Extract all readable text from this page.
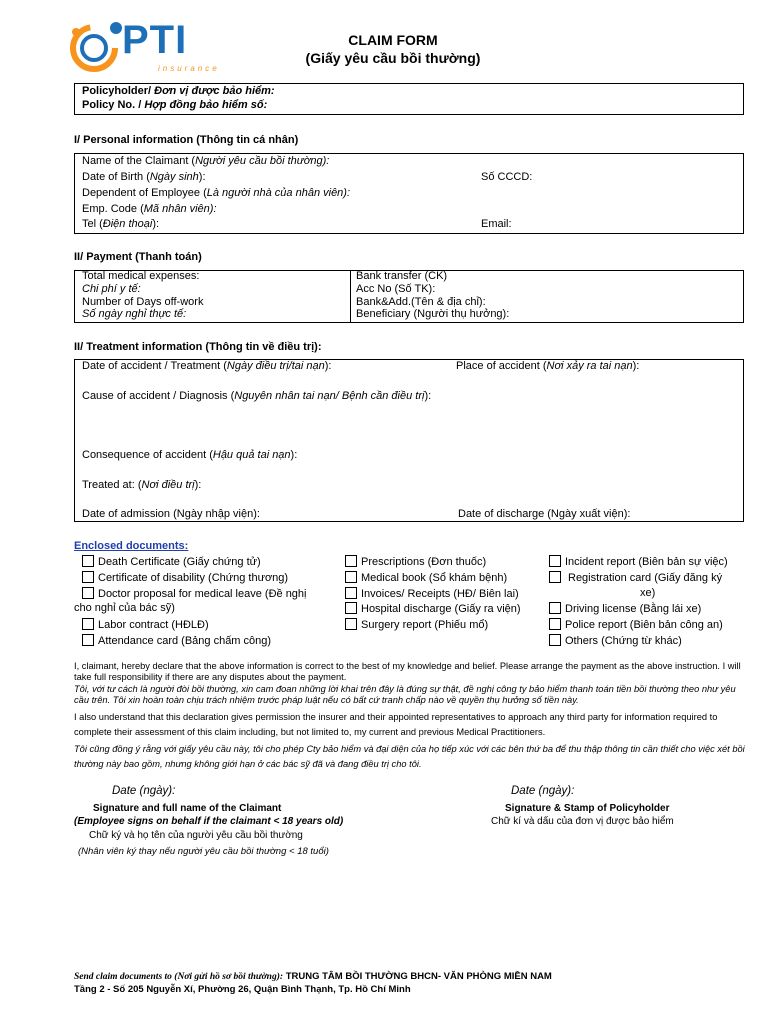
PTI
insurance
CLAIM FORM
(Giấy yêu cầu bồi thường)
Policyholder/ Đơn vị được bảo hiểm:
Policy No. / Hợp đồng bảo hiểm số:
I/ Personal information (Thông tin cá nhân)
Name of the Claimant (Người yêu cầu bồi thường):
Date of Birth (Ngày sinh):	Số CCCD:
Dependent of Employee (Là người nhà của nhân viên):
Emp. Code (Mã nhân viên):
Tel (Điện thoại):	Email:
II/ Payment (Thanh toán)
Total medical expenses:
Chi phí y tế:
Number of Days off-work
Số ngày nghỉ thực tế:
Bank transfer (CK)
Acc No (Số TK):
Bank&Add.(Tên & địa chỉ):
Beneficiary (Người thụ hưởng):
II/ Treatment information (Thông tin về điều trị):
Date of accident / Treatment (Ngày điều trị/tai nạn):	Place of accident (Nơi xảy ra tai nạn):
Cause of accident / Diagnosis (Nguyên nhân tai nạn/ Bệnh cần điều trị):
Consequence of accident (Hậu quả tai nạn):
Treated at: (Nơi điều trị):
Date of admission (Ngày nhập viện):	Date of discharge (Ngày xuất viện):
Enclosed documents:
Death Certificate (Giấy chứng tử)
Certificate of disability (Chứng thương)
Doctor proposal for medical leave (Đề nghị
cho nghỉ của bác sỹ)
Labor contract (HĐLĐ)
Attendance card (Bảng chấm công)
Prescriptions (Đơn thuốc)
Medical book (Sổ khám bệnh)
Invoices/ Receipts (HĐ/ Biên lai)
Hospital discharge (Giấy ra viện)
Surgery report (Phiếu mổ)
Incident report (Biên bản sự việc)
Registration card (Giấy đăng ký
xe)
Driving license (Bằng lái xe)
Police report (Biên bản công an)
Others (Chứng từ khác)
I, claimant, hereby declare that the above information is correct to the best of my knowledge and belief. Please arrange the payment as the above instruction. I will take full responsibility if there are any disputes about the payment.
Tôi, với tư cách là người đòi bồi thường, xin cam đoan những lời khai trên đây là đúng sự thật, đề nghị công ty bảo hiểm thanh toán tiền bồi thường theo như yêu cầu trên. Tôi xin hoàn toàn chịu trách nhiệm trước pháp luật nếu có bất cứ tranh chấp nào về quyền thụ hưởng số tiền này.
I also understand that this declaration gives permission the insurer and their appointed representatives to approach any third party for information required to complete their assessment of this claim including, but not limited to, my current and previous Medical Practitioners.
Tôi cũng đồng ý rằng với giấy yêu cầu này, tôi cho phép Cty bảo hiểm và đại diện của họ tiếp xúc với các bên thứ ba để thu thập thông tin cần thiết cho việc xét bồi thường này bao gồm, nhưng không giới hạn ở các bác sỹ đã và đang điều trị cho tôi.
Date (ngày):	Date (ngày):
Signature and full name of the Claimant
(Employee signs on behalf if the claimant < 18 years old)
Chữ ký và họ tên của người yêu cầu bồi thường
(Nhân viên ký thay nếu người yêu cầu bồi thường < 18 tuổi)
Signature & Stamp of Policyholder
Chữ kí và dấu của đơn vị được bảo hiểm
Send claim documents to (Nơi gửi hồ sơ bồi thường): TRUNG TÂM BỒI THƯỜNG BHCN- VĂN PHÒNG MIỀN NAM
Tầng 2 - Số 205 Nguyễn Xí, Phường 26, Quận Bình Thạnh, Tp. Hồ Chí Minh
